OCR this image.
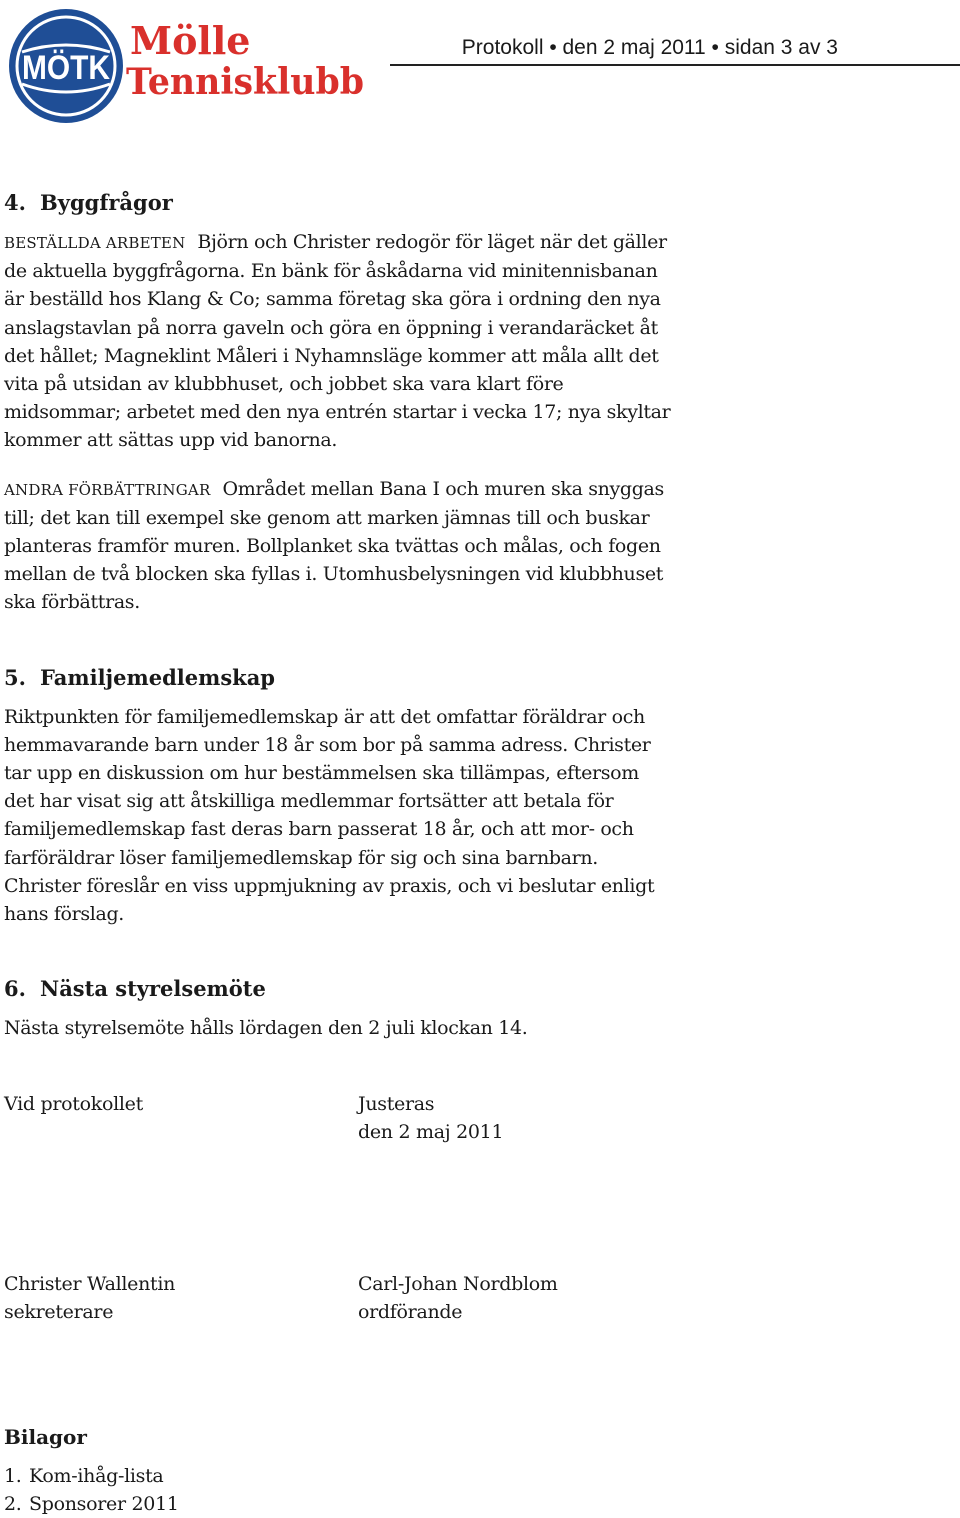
MÖTK
Mölle
Tennisklubb
Protokoll • den 2 maj 2011 • sidan 3 av 3
4. Byggfrågor

BESTÄLLDA ARBETEN Björn och Christer redogör för läget när det gäller de aktuella byggfrågorna. En bänk för åskådarna vid minitennisbanan är beställd hos Klang & Co; samma företag ska göra i ordning den nya anslagstavlan på norra gaveln och göra en öppning i verandaräcket åt det hållet; Magneklint Måleri i Nyhamnsläge kommer att måla allt det vita på utsidan av klubbhuset, och jobbet ska vara klart före midsommar; arbetet med den nya entrén startar i vecka 17; nya skyltar kommer att sättas upp vid banorna.

ANDRA FÖRBÄTTRINGAR Området mellan Bana I och muren ska snyggas till; det kan till exempel ske genom att marken jämnas till och buskar planteras framför muren. Bollplanket ska tvättas och målas, och fogen mellan de två blocken ska fyllas i. Utomhusbelysningen vid klubbhuset ska förbättras.

5. Familjemedlemskap

Riktpunkten för familjemedlemskap är att det omfattar föräldrar och hemmavarande barn under 18 år som bor på samma adress. Christer tar upp en diskussion om hur bestämmelsen ska tillämpas, eftersom det har visat sig att åtskilliga medlemmar fortsätter att betala för familjemedlemskap fast deras barn passerat 18 år, och att mor- och farföräldrar löser familjemedlemskap för sig och sina barnbarn. Christer föreslår en viss uppmjukning av praxis, och vi beslutar enligt hans förslag.

6. Nästa styrelsemöte

Nästa styrelsemöte hålls lördagen den 2 juli klockan 14.

Vid protokollet	Justeras
den 2 maj 2011
Christer Wallentin
sekreterare
Carl-Johan Nordblom
ordförande
Bilagor
1. Kom-ihåg-lista
2. Sponsorer 2011
